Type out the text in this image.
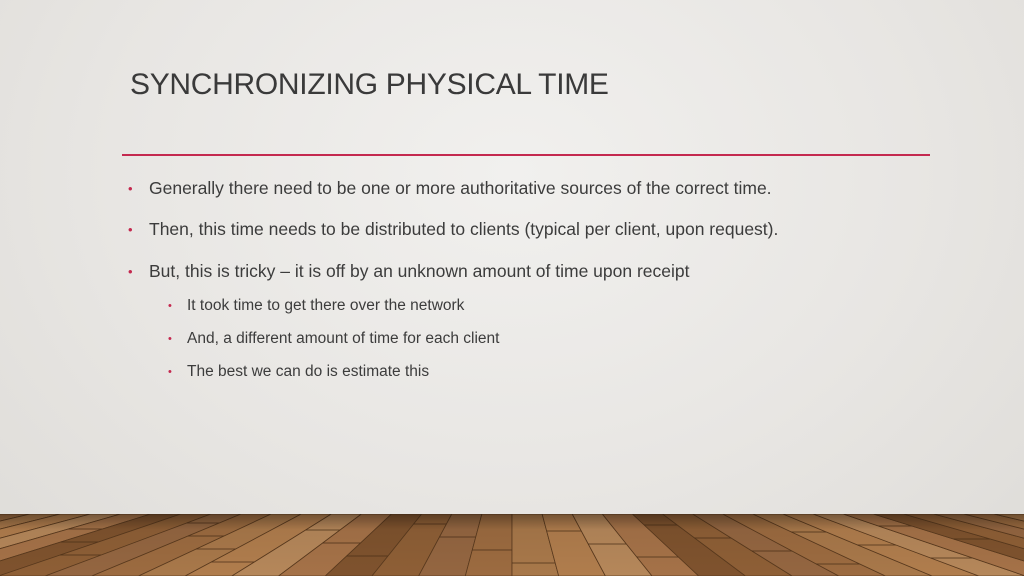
SYNCHRONIZING PHYSICAL TIME
• Generally there need to be one or more authoritative sources of the correct time.
• Then, this time needs to be distributed to clients (typical per client, upon request).
• But, this is tricky – it is off by an unknown amount of time upon receipt
• It took time to get there over the network
• And, a different amount of time for each client
• The best we can do is estimate this
